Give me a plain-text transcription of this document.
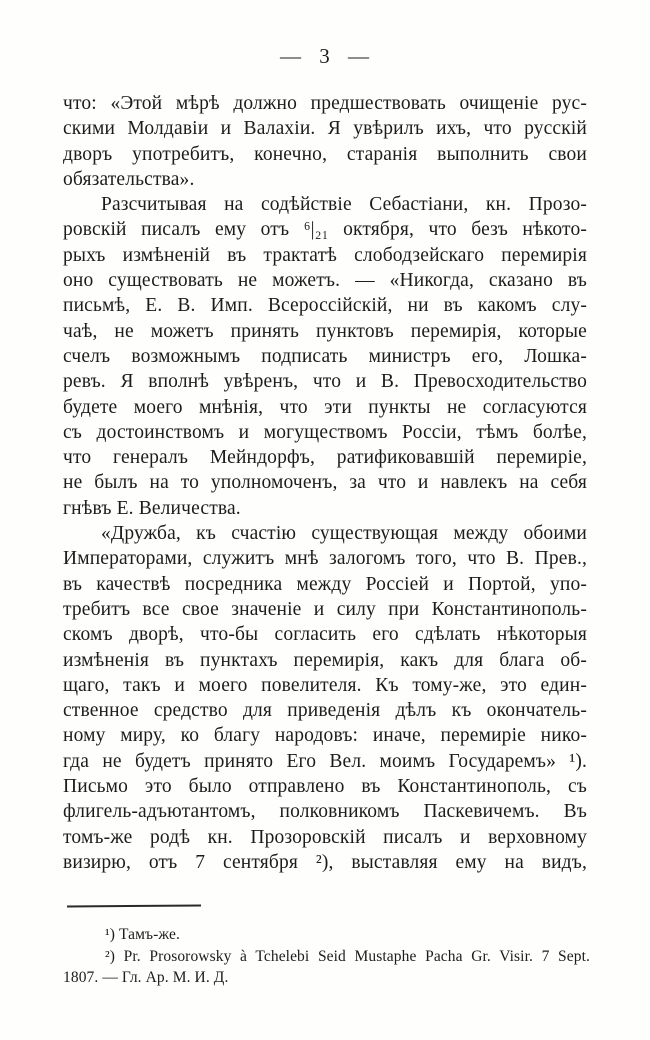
— 3 —
что: «Этой мѣрѣ должно предшествовать очищеніе рус-
скими Молдавіи и Валахіи. Я увѣрилъ ихъ, что русскій
дворъ употребитъ, конечно, старанія выполнить свои
обязательства».
Разсчитывая на содѣйствіе Себастіани, кн. Прозо-
ровскій писалъ ему отъ ⁶|₂₁ октября, что безъ нѣкото-
рыхъ измѣненій въ трактатѣ слободзейскаго перемирія
оно существовать не можетъ. — «Никогда, сказано въ
письмѣ, Е. В. Имп. Всероссійскій, ни въ какомъ слу-
чаѣ, не можетъ принять пунктовъ перемирія, которые
счелъ возможнымъ подписать министръ его, Лошка-
ревъ. Я вполнѣ увѣренъ, что и В. Превосходительство
будете моего мнѣнія, что эти пункты не согласуются
съ достоинствомъ и могуществомъ Россіи, тѣмъ болѣе,
что генералъ Мейндорфъ, ратификовавшій перемиріе,
не былъ на то уполномоченъ, за что и навлекъ на себя
гнѣвъ Е. Величества.
«Дружба, къ счастію существующая между обоими
Императорами, служитъ мнѣ залогомъ того, что В. Прев.,
въ качествѣ посредника между Россіей и Портой, упо-
требитъ все свое значеніе и силу при Константинополь-
скомъ дворѣ, что-бы согласить его сдѣлать нѣкоторыя
измѣненія въ пунктахъ перемирія, какъ для блага об-
щаго, такъ и моего повелителя. Къ тому-же, это един-
ственное средство для приведенія дѣлъ къ окончатель-
ному миру, ко благу народовъ: иначе, перемиріе нико-
гда не будетъ принято Его Вел. моимъ Государемъ» ¹).
Письмо это было отправлено въ Константинополь, съ
флигель-адъютантомъ, полковникомъ Паскевичемъ. Въ
томъ-же родѣ кн. Прозоровскій писалъ и верховному
визирю, отъ 7 сентября ²), выставляя ему на видъ,
¹) Тамъ-же.
²) Pr. Prosorowsky à Tchelebi Seid Mustaphe Pacha Gr. Visir. 7 Sept.
1807. — Гл. Ар. М. И. Д.
